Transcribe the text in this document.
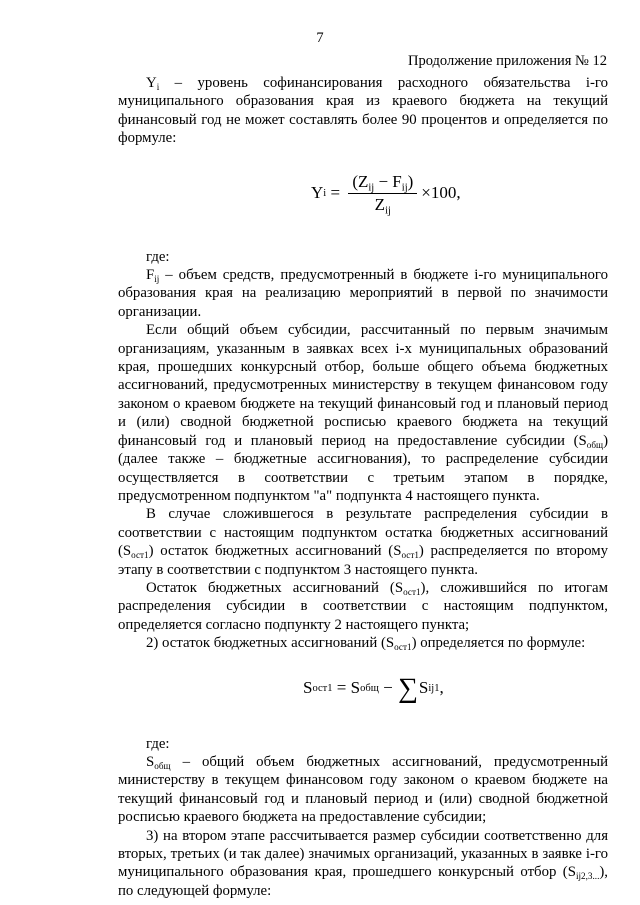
7
Продолжение приложения № 12

$Y_i$ – уровень софинансирования расходного обязательства i-го муниципального образования края из краевого бюджета на текущий финансовый год не может составлять более 90 процентов и определяется по формуле:

Y $i = \frac{(Z_{ij} - F_{ij})}{Z_{ij}} \times 100$,

где:

$F_{ij}$ – объем средств, предусмотренный в бюджете i-го муниципального образования края на реализацию мероприятий в первой по значимости организации.

Если общий объем субсидии, рассчитанный по первым значимым организациям, указанным в заявках всех i-х муниципальных образований края, прошедших конкурсный отбор, больше общего объема бюджетных ассигнований, предусмотренных министерству в текущем финансовом году законом о краевом бюджете на текущий финансовый год и плановый период и (или) сводной бюджетной росписью краевого бюджета на текущий финансовый год и плановый период на предоставление субсидии $(S_{общ})$ (далее также – бюджетные ассигнования), то распределение субсидии осуществляется в соответствии с третьим этапом в порядке, предусмотренном подпунктом "а" подпункта 4 настоящего пункта.

В случае сложившегося в результате распределения субсидии в соответствии с настоящим подпунктом остатка бюджетных ассигнований $(S_{ост1})$ остаток бюджетных ассигнований $(S_{ост1})$ распределяется по второму этапу в соответствии с подпунктом 3 настоящего пункта.

Остаток бюджетных ассигнований $(S_{ост1})$, сложившийся по итогам распределения субсидии в соответствии с настоящим подпунктом, определяется согласно подпункту 2 настоящего пункта;

2) остаток бюджетных ассигнований $(S_{ост1})$ определяется по формуле:

S ост1 = S общ − ∑ S ij1 ,

где:

$S_{общ}$ – общий объем бюджетных ассигнований, предусмотренный министерству в текущем финансовом году законом о краевом бюджете на текущий финансовый год и плановый период и (или) сводной бюджетной росписью краевого бюджета на предоставление субсидии;

3) на втором этапе рассчитывается размер субсидии соответственно для вторых, третьих (и так далее) значимых организаций, указанных в заявке i-го муниципального образования края, прошедшего конкурсный отбор $(S_{ij2,3...})$, по следующей формуле:
